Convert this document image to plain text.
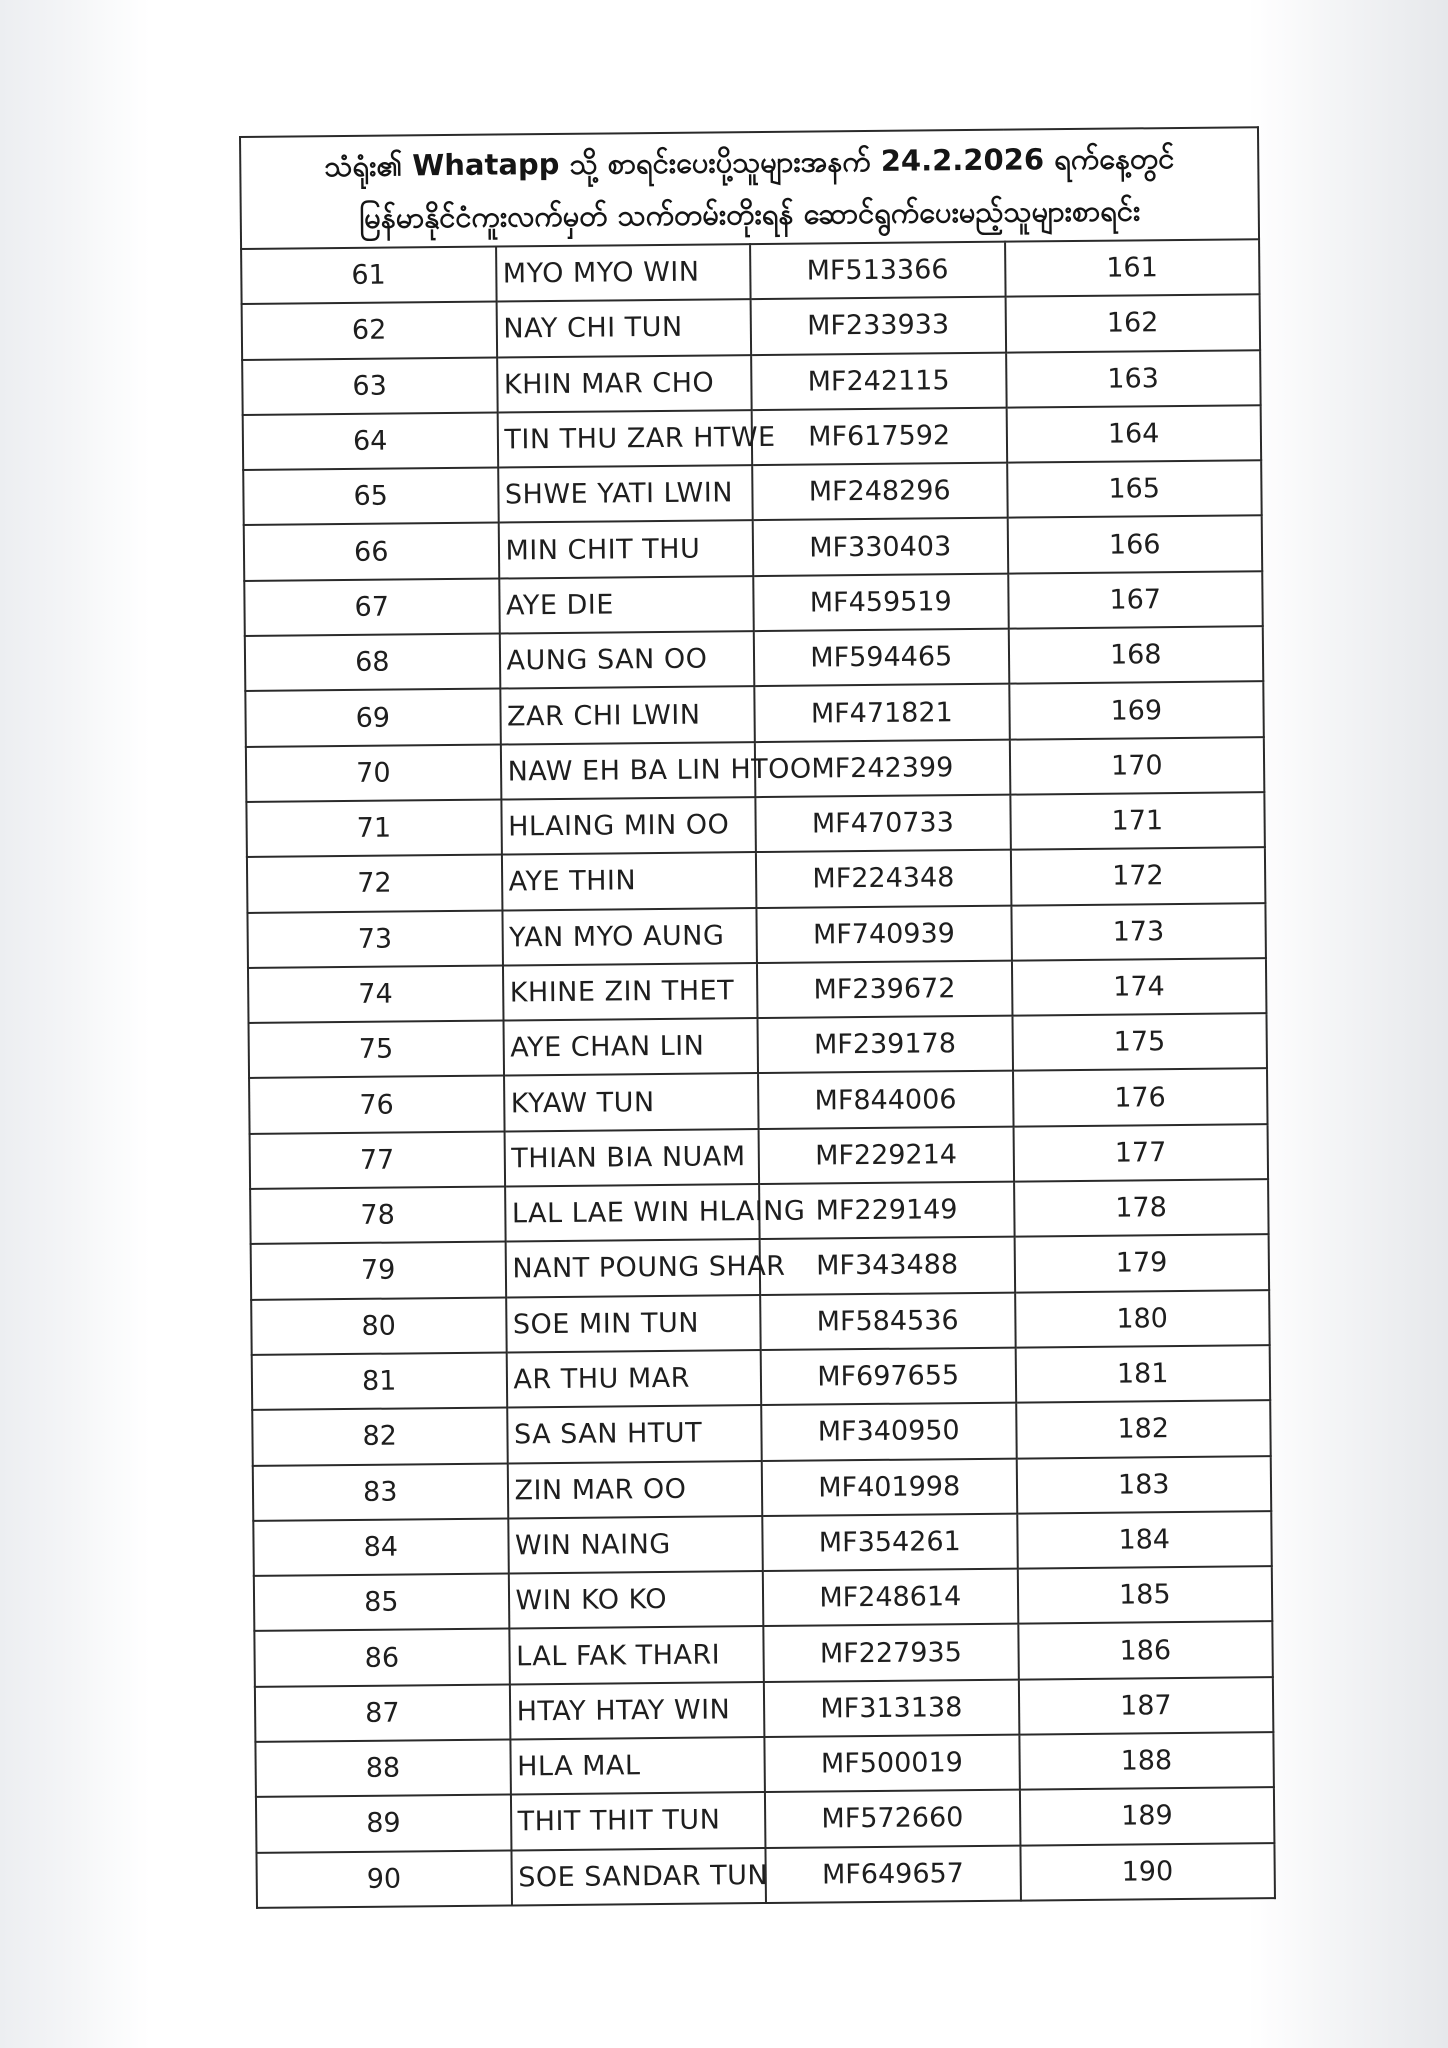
သံရုံး၏ Whatapp သို့ စာရင်းပေးပို့သူများအနက် 24.2.2026 ရက်နေ့တွင်
မြန်မာနိုင်ငံကူးလက်မှတ် သက်တမ်းတိုးရန် ဆောင်ရွက်ပေးမည့်သူများစာရင်း			

61	MYO MYO WIN	MF513366	161
62	NAY CHI TUN	MF233933	162
63	KHIN MAR CHO	MF242115	163
64	TIN THU ZAR HTWE	MF617592	164
65	SHWE YATI LWIN	MF248296	165
66	MIN CHIT THU	MF330403	166
67	AYE DIE	MF459519	167
68	AUNG SAN OO	MF594465	168
69	ZAR CHI LWIN	MF471821	169
70	NAW EH BA LIN HTOO	MF242399	170
71	HLAING MIN OO	MF470733	171
72	AYE THIN	MF224348	172
73	YAN MYO AUNG	MF740939	173
74	KHINE ZIN THET	MF239672	174
75	AYE CHAN LIN	MF239178	175
76	KYAW TUN	MF844006	176
77	THIAN BIA NUAM	MF229214	177
78	LAL LAE WIN HLAING	MF229149	178
79	NANT POUNG SHAR	MF343488	179
80	SOE MIN TUN	MF584536	180
81	AR THU MAR	MF697655	181
82	SA SAN HTUT	MF340950	182
83	ZIN MAR OO	MF401998	183
84	WIN NAING	MF354261	184
85	WIN KO KO	MF248614	185
86	LAL FAK THARI	MF227935	186
87	HTAY HTAY WIN	MF313138	187
88	HLA MAL	MF500019	188
89	THIT THIT TUN	MF572660	189
90	SOE SANDAR TUN	MF649657	190
